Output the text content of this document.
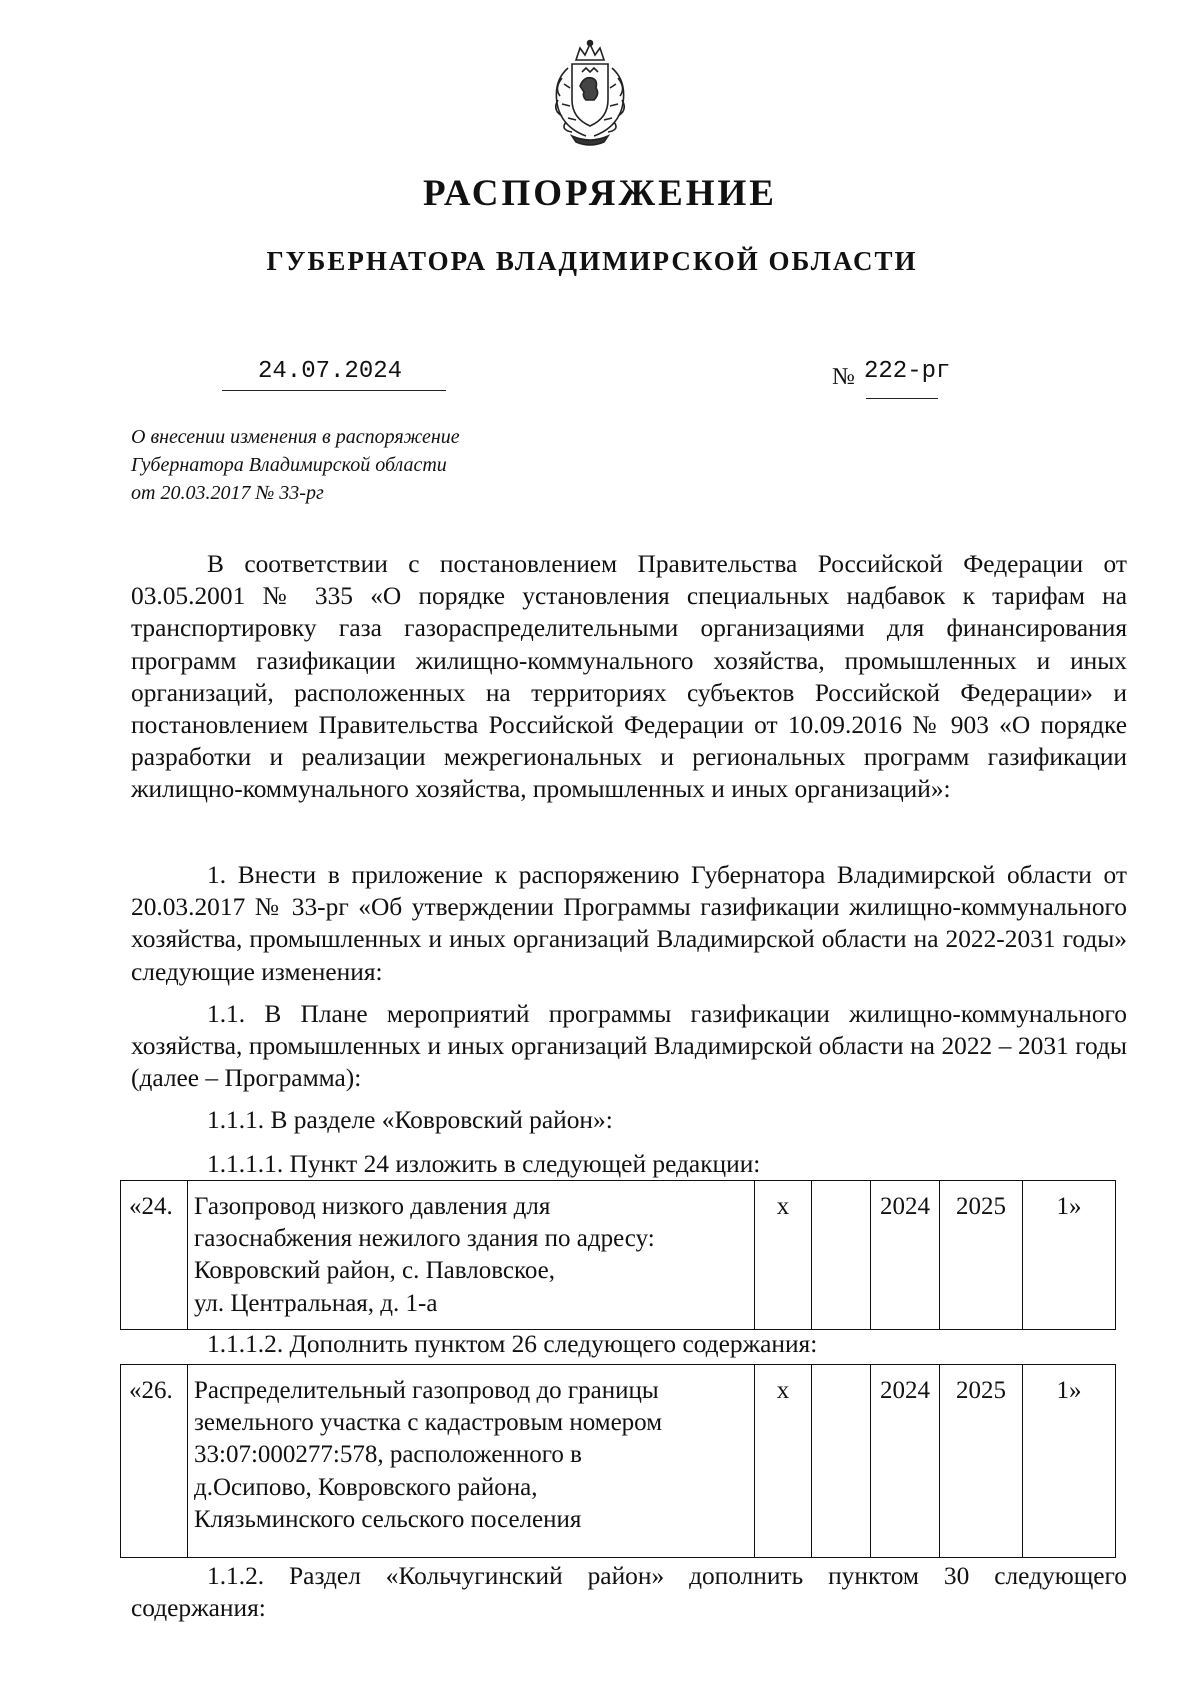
РАСПОРЯЖЕНИЕ
ГУБЕРНАТОРА ВЛАДИМИРСКОЙ ОБЛАСТИ
24.07.2024	№ 222-рг
О внесении изменения в распоряжение
Губернатора Владимирской области
от 20.03.2017 № 33-рг

В соответствии с постановлением Правительства Российской Федерации от 03.05.2001 № 335 «О порядке установления специальных надбавок к тарифам на транспортировку газа газораспределительными организациями для финансирования программ газификации жилищно-коммунального хозяйства, промышленных и иных организаций, расположенных на территориях субъектов Российской Федерации» и постановлением Правительства Российской Федерации от 10.09.2016 № 903 «О порядке разработки и реализации межрегиональных и региональных программ газификации жилищно-коммунального хозяйства, промышленных и иных организаций»:

1. Внести в приложение к распоряжению Губернатора Владимирской области от 20.03.2017 № 33-рг «Об утверждении Программы газификации жилищно-коммунального хозяйства, промышленных и иных организаций Владимирской области на 2022-2031 годы» следующие изменения:

1.1. В Плане мероприятий программы газификации жилищно-коммунального хозяйства, промышленных и иных организаций Владимирской области на 2022 – 2031 годы (далее – Программа):

1.1.1. В разделе «Ковровский район»:

1.1.1.1. Пункт 24 изложить в следующей редакции:

«24.	Газопровод низкого давления для
газоснабжения нежилого здания по адресу:
Ковровский район, с. Павловское,
ул. Центральная, д. 1-а
	х		2024	2025	1»

1.1.1.2. Дополнить пунктом 26 следующего содержания:

«26.	Распределительный газопровод до границы
земельного участка с кадастровым номером
33:07:000277:578, расположенного в
д.Осипово, Ковровского района,
Клязьминского сельского поселения
	х		2024	2025	1»

1.1.2. Раздел «Кольчугинский район» дополнить пунктом 30 следующего содержания:
